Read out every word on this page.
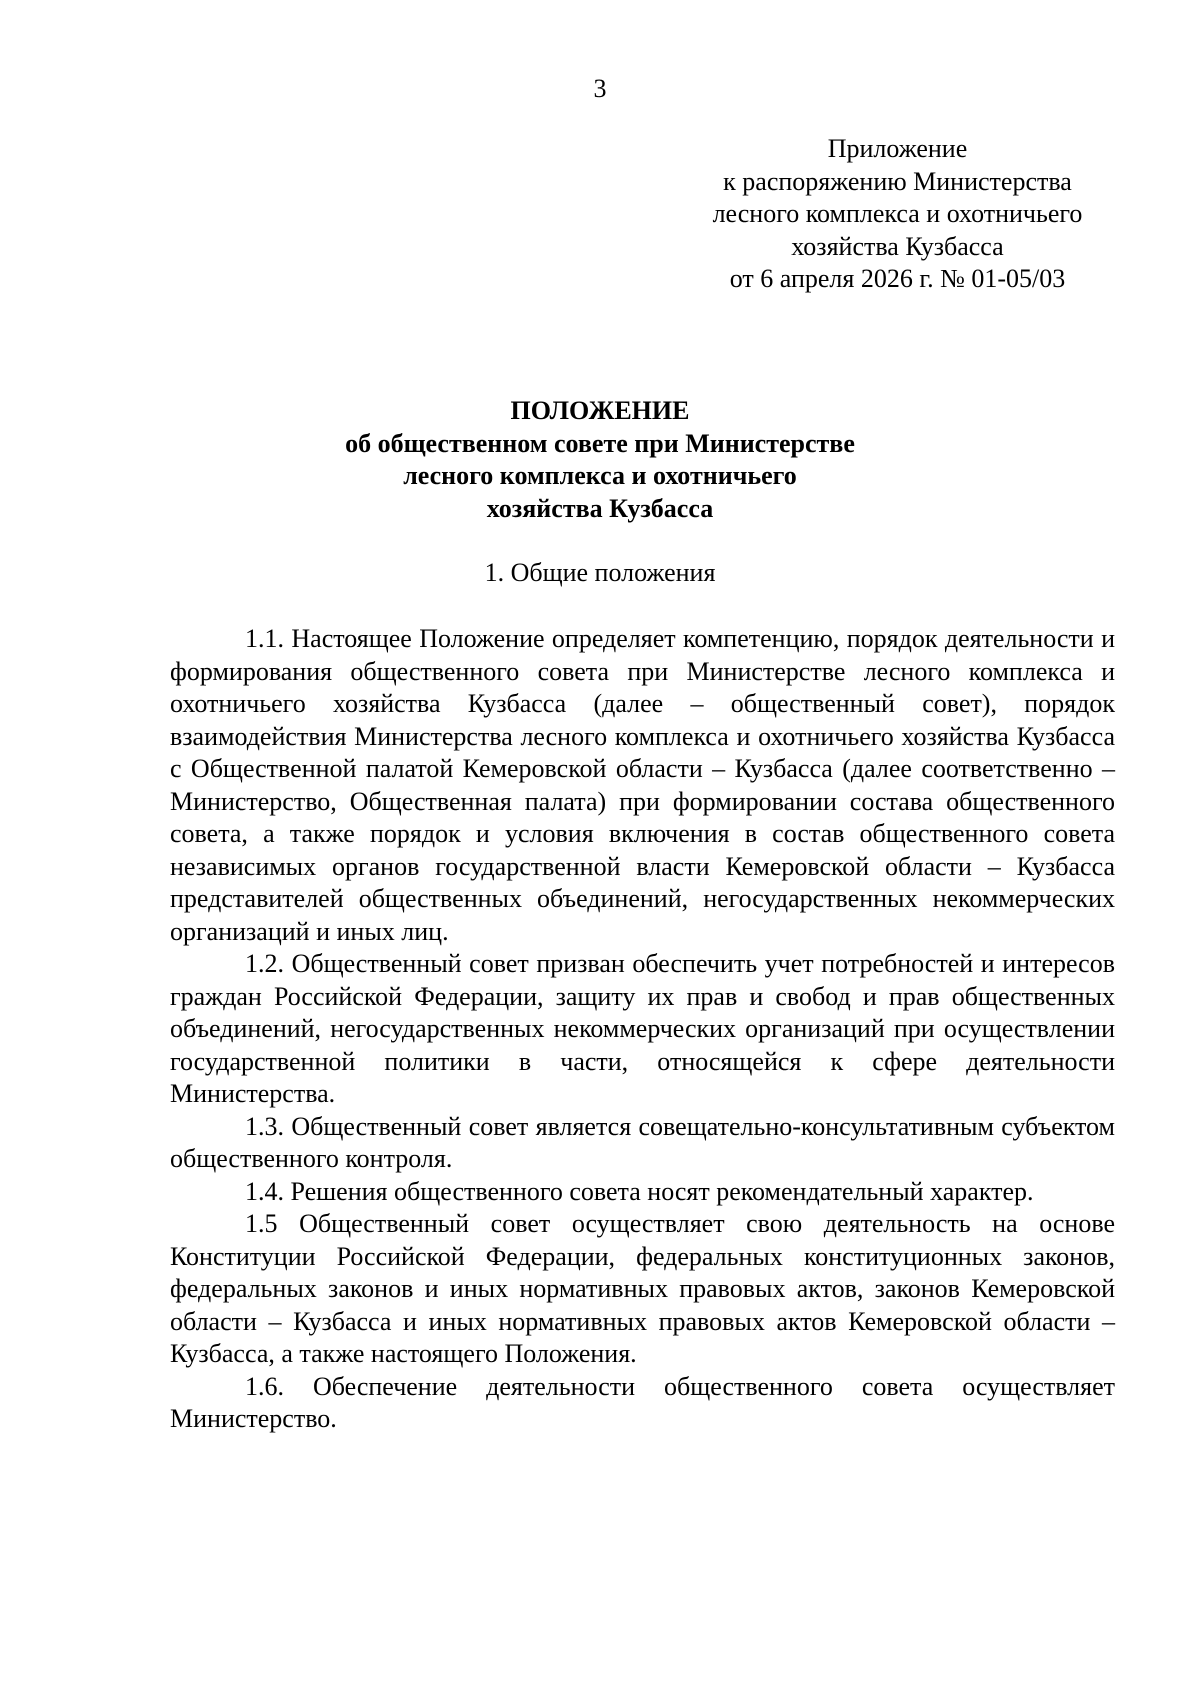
3
Приложение
к распоряжению Министерства
лесного комплекса и охотничьего
хозяйства Кузбасса
от 6 апреля 2026 г. № 01-05/03
ПОЛОЖЕНИЕ
об общественном совете при Министерстве
лесного комплекса и охотничьего
хозяйства Кузбасса
1. Общие положения

1.1. Настоящее Положение определяет компетенцию, порядок деятельности и формирования общественного совета при Министерстве лесного комплекса и охотничьего хозяйства Кузбасса (далее – общественный совет), порядок взаимодействия Министерства лесного комплекса и охотничьего хозяйства Кузбасса с Общественной палатой Кемеровской области – Кузбасса (далее соответственно – Министерство, Общественная палата) при формировании состава общественного совета, а также порядок и условия включения в состав общественного совета независимых органов государственной власти Кемеровской области – Кузбасса представителей общественных объединений, негосударственных некоммерческих организаций и иных лиц.

1.2. Общественный совет призван обеспечить учет потребностей и интересов граждан Российской Федерации, защиту их прав и свобод и прав общественных объединений, негосударственных некоммерческих организаций при осуществлении государственной политики в части, относящейся к сфере деятельности Министерства.

1.3. Общественный совет является совещательно-консультативным субъектом общественного контроля.

1.4. Решения общественного совета носят рекомендательный характер.

1.5 Общественный совет осуществляет свою деятельность на основе Конституции Российской Федерации, федеральных конституционных законов, федеральных законов и иных нормативных правовых актов, законов Кемеровской области – Кузбасса и иных нормативных правовых актов Кемеровской области – Кузбасса, а также настоящего Положения.

1.6. Обеспечение деятельности общественного совета осуществляет Министерство.
